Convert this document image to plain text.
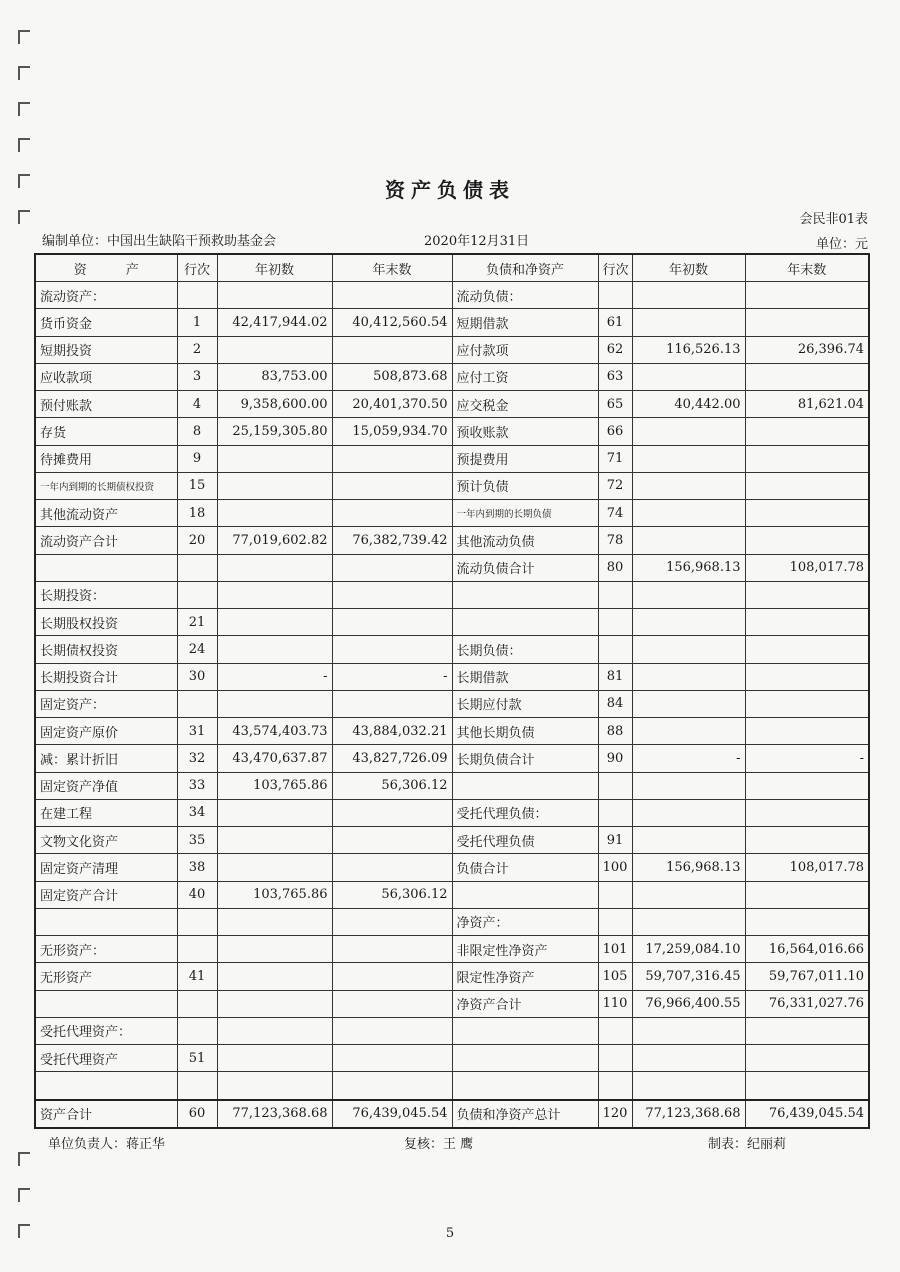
资产负债表
会民非01表
编制单位：中国出生缺陷干预救助基金会	2020年12月31日	单位：元
资　　　产	行次	年初数	年末数	负债和净资产	行次	年初数	年末数
流动资产：				流动负债：			
货币资金	1	42,417,944.02	40,412,560.54	短期借款	61		
短期投资	2			应付款项	62	116,526.13	26,396.74
应收款项	3	83,753.00	508,873.68	应付工资	63		
预付账款	4	9,358,600.00	20,401,370.50	应交税金	65	40,442.00	81,621.04
存货	8	25,159,305.80	15,059,934.70	预收账款	66		
待摊费用	9			预提费用	71		
一年内到期的长期债权投资	15			预计负债	72		
其他流动资产	18			一年内到期的长期负债	74		
流动资产合计	20	77,019,602.82	76,382,739.42	其他流动负债	78		
				流动负债合计	80	156,968.13	108,017.78
长期投资：							
长期股权投资	21						
长期债权投资	24			长期负债：			
长期投资合计	30	-	-	长期借款	81		
固定资产：				长期应付款	84		
固定资产原价	31	43,574,403.73	43,884,032.21	其他长期负债	88		
减：累计折旧	32	43,470,637.87	43,827,726.09	长期负债合计	90	-	-
固定资产净值	33	103,765.86	56,306.12				
在建工程	34			受托代理负债：			
文物文化资产	35			受托代理负债	91		
固定资产清理	38			负债合计	100	156,968.13	108,017.78
固定资产合计	40	103,765.86	56,306.12				
				净资产：			
无形资产：				非限定性净资产	101	17,259,084.10	16,564,016.66
无形资产	41			限定性净资产	105	59,707,316.45	59,767,011.10
				净资产合计	110	76,966,400.55	76,331,027.76
受托代理资产：							
受托代理资产	51						

资产合计	60	77,123,368.68	76,439,045.54	负债和净资产总计	120	77,123,368.68	76,439,045.54
单位负责人：蒋正华	复核：王 鹰	制表：纪丽莉
5
